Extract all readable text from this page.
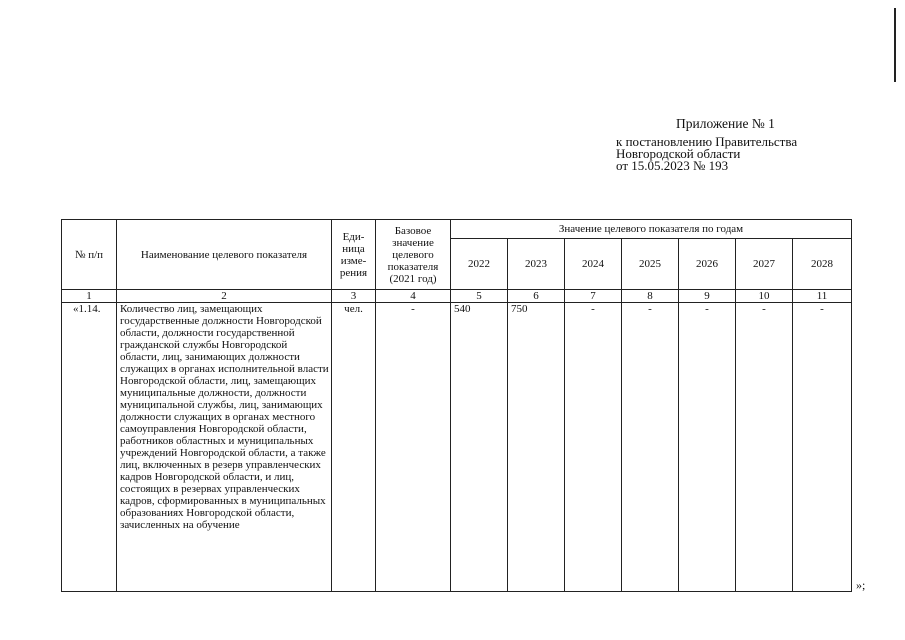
Приложение № 1
к постановлению Правительства
Новгородской области
от 15.05.2023 № 193
№ п/п	Наименование целевого показателя	Еди-ница изме-рения	Базовое значение целевого показателя (2021 год)	Значение целевого показателя по годам						
				2022	2023	2024	2025	2026	2027	2028
1	2	3	4	5	6	7	8	9	10	11
«1.14.	Количество лиц, замещающих государственные должности Новгородской области, должности государственной гражданской службы Новгородской области, лиц, занимающих должности служащих в органах исполнительной власти Новгородской области, лиц, замещающих муниципальные должности, должности муниципальной службы, лиц, занимающих должности служащих в органах местного самоуправления Новгородской области, работников областных и муниципальных учреждений Новгородской области, а также лиц, включенных в резерв управленческих кадров Новгородской области, и лиц, состоящих в резервах управленческих кадров, сформированных в муниципальных образованиях Новгородской области, зачисленных на обучение	чел.	-	540	750	-	-	-	-	-
»;
